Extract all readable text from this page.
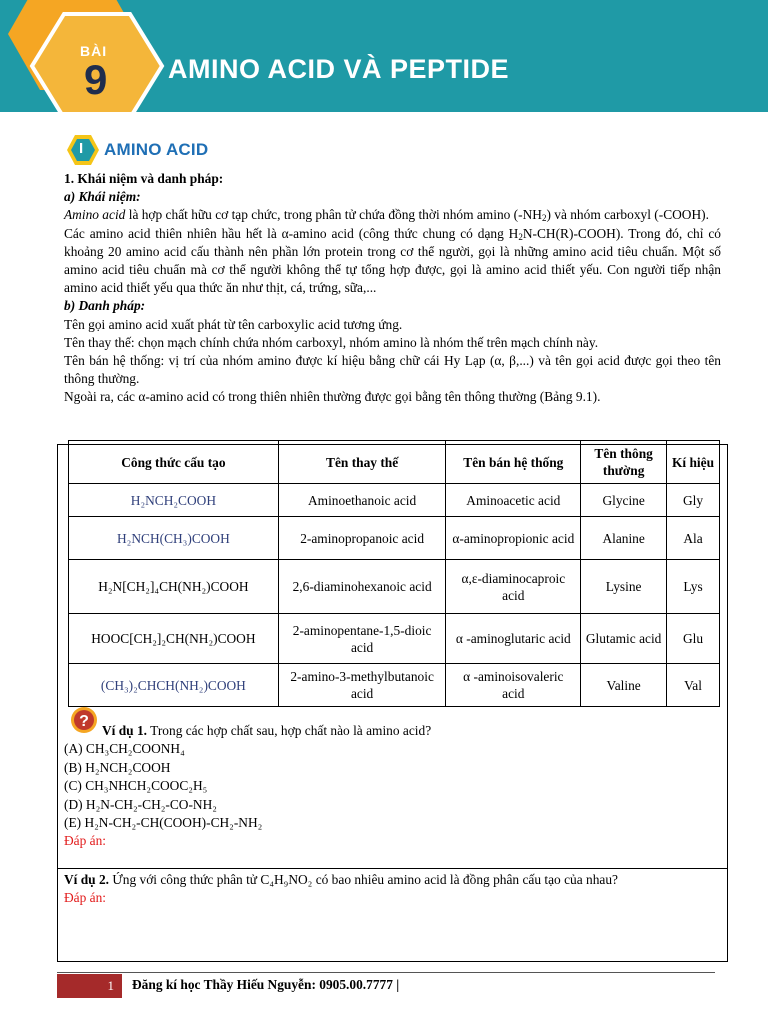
BÀI
9 AMINO ACID VÀ PEPTIDE
I AMINO ACID

1. Khái niệm và danh pháp:

a) Khái niệm:

Amino acid là hợp chất hữu cơ tạp chức, trong phân tử chứa đồng thời nhóm amino $(-NH_2)$ và nhóm carboxyl (-COOH).

Các amino acid thiên nhiên hầu hết là α-amino acid (công thức chung có dạng $H_2N-CH(R)-COOH$). Trong đó, chỉ có khoảng 20 amino acid cấu thành nên phần lớn protein trong cơ thể người, gọi là những amino acid tiêu chuẩn. Một số amino acid tiêu chuẩn mà cơ thể người không thể tự tổng hợp được, gọi là amino acid thiết yếu. Con người tiếp nhận amino acid thiết yếu qua thức ăn như thịt, cá, trứng, sữa,...

b) Danh pháp:

Tên gọi amino acid xuất phát từ tên carboxylic acid tương ứng.

Tên thay thế: chọn mạch chính chứa nhóm carboxyl, nhóm amino là nhóm thế trên mạch chính này.

Tên bán hệ thống: vị trí của nhóm amino được kí hiệu bằng chữ cái Hy Lạp (α, β,...) và tên gọi acid được gọi theo tên thông thường.

Ngoài ra, các α-amino acid có trong thiên nhiên thường được gọi bằng tên thông thường (Bảng 9.1).

Công thức cấu tạo	Tên thay thế	Tên bán hệ thống	Tên thông thường	Kí hiệu
H₂NCH₂COOH	Aminoethanoic acid	Aminoacetic acid	Glycine	Gly
H₂NCH(CH₃)COOH	2-aminopropanoic acid	α-aminopropionic acid	Alanine	Ala
H₂N[CH₂]₄CH(NH₂)COOH	2,6-diaminohexanoic acid	α,ε-diaminocaproic acid	Lysine	Lys
HOOC[CH₂]₂CH(NH₂)COOH	2-aminopentane-1,5-dioic acid	α -aminoglutaric acid	Glutamic acid	Glu
(CH₃)₂CHCH(NH₂)COOH	2-amino-3-methylbutanoic acid	α -aminoisovaleric acid	Valine	Val
?

Ví dụ 1. Trong các hợp chất sau, hợp chất nào là amino acid?

(A) CH₃CH₂COONH₄

(B) H₂NCH₂COOH

(C) CH₃NHCH₂COOC₂H₅

(D) H₂N-CH₂-CH₂-CO-NH₂

(E) H₂N-CH₂-CH(COOH)-CH₂-NH₂

Đáp án:

Ví dụ 2. Ứng với công thức phân tử C₄H₉NO₂ có bao nhiêu amino acid là đồng phân cấu tạo của nhau?

Đáp án:

1	Đăng kí học Thầy Hiếu Nguyễn: 0905.00.7777 |
